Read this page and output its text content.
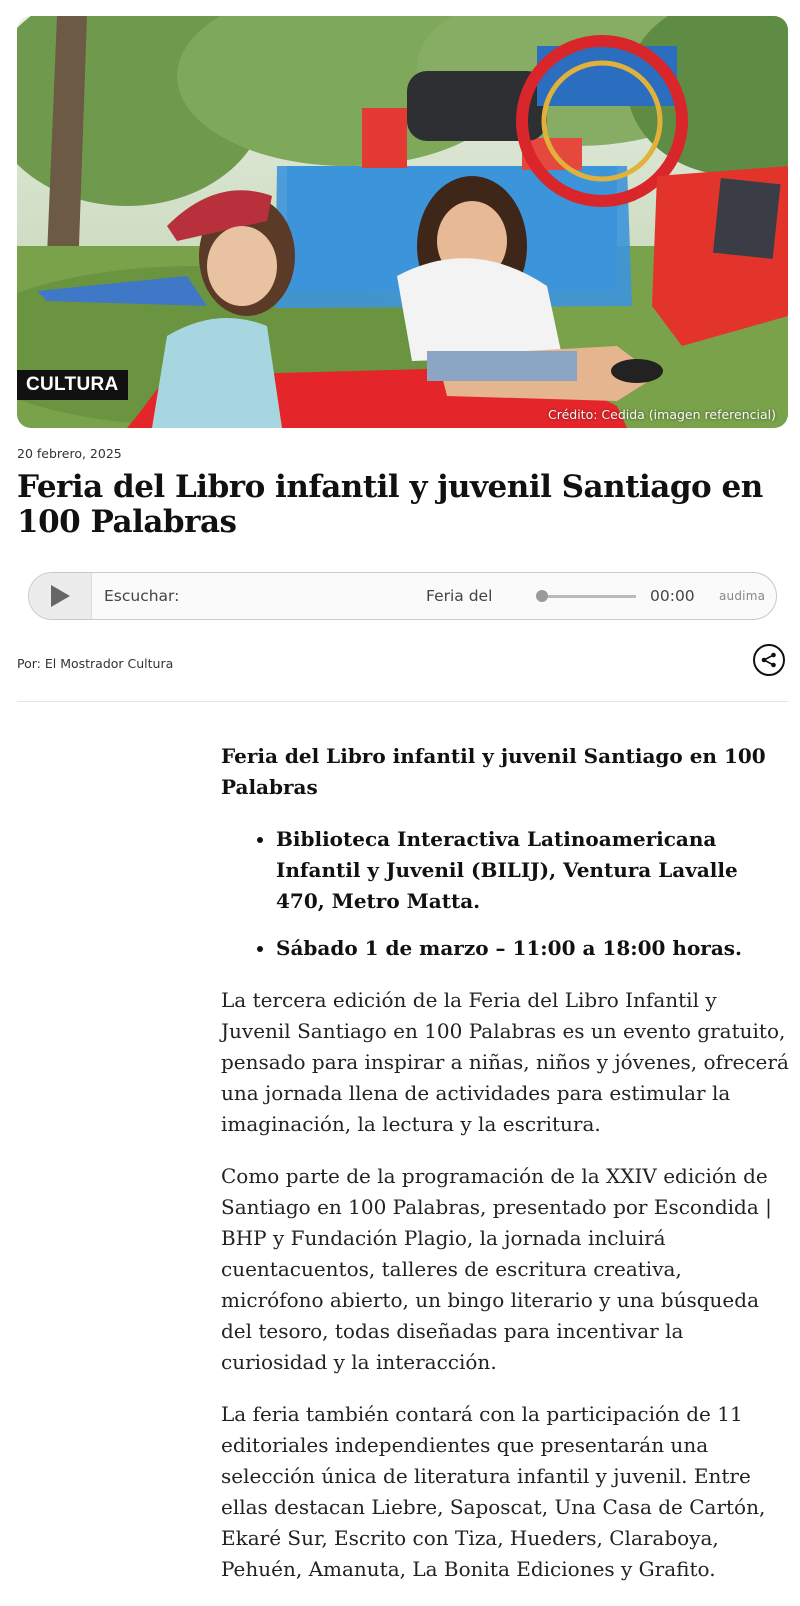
CULTURA
Crédito: Cedida (imagen referencial)
20 febrero, 2025
Feria del Libro infantil y juvenil Santiago en 100 Palabras
Escuchar:	Feria del	00:00 audima
Por: El Mostrador Cultura

Feria del Libro infantil y juvenil Santiago en 100 Palabras

• Biblioteca Interactiva Latinoamericana Infantil y Juvenil (BILIJ), Ventura Lavalle 470, Metro Matta.
• Sábado 1 de marzo – 11:00 a 18:00 horas.

La tercera edición de la Feria del Libro Infantil y Juvenil Santiago en 100 Palabras es un evento gratuito, pensado para inspirar a niñas, niños y jóvenes, ofrecerá una jornada llena de actividades para estimular la imaginación, la lectura y la escritura.

Como parte de la programación de la XXIV edición de Santiago en 100 Palabras, presentado por Escondida | BHP y Fundación Plagio, la jornada incluirá cuentacuentos, talleres de escritura creativa, micrófono abierto, un bingo literario y una búsqueda del tesoro, todas diseñadas para incentivar la curiosidad y la interacción.

La feria también contará con la participación de 11 editoriales independientes que presentarán una selección única de literatura infantil y juvenil. Entre ellas destacan Liebre, Saposcat, Una Casa de Cartón, Ekaré Sur, Escrito con Tiza, Hueders, Claraboya, Pehuén, Amanuta, La Bonita Ediciones y Grafito.
